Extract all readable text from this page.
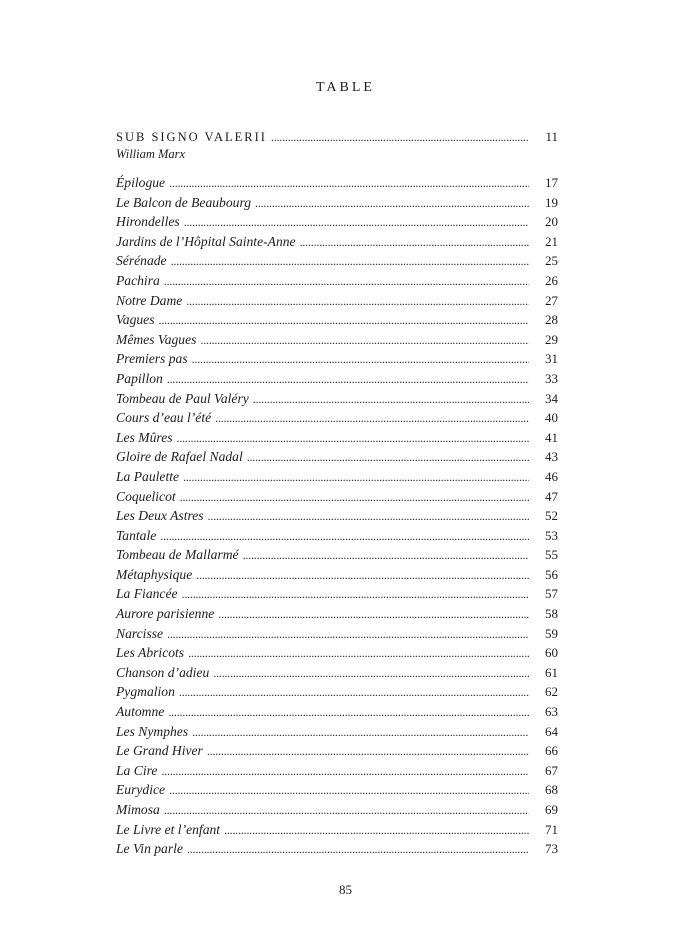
TABLE
SUB SIGNO VALERII . . .	11
William Marx
Épilogue . . .	17
Le Balcon de Beaubourg . . .	19
Hirondelles . . .	20
Jardins de l’Hôpital Sainte-Anne . . .	21
Sérénade . . .	25
Pachira . . .	26
Notre Dame . . .	27
Vagues . . .	28
Mêmes Vagues . . .	29
Premiers pas . . .	31
Papillon . . .	33
Tombeau de Paul Valéry . . .	34
Cours d’eau l’été . . .	40
Les Mûres . . .	41
Gloire de Rafael Nadal . . .	43
La Paulette . . .	46
Coquelicot . . .	47
Les Deux Astres . . .	52
Tantale . . .	53
Tombeau de Mallarmé . . .	55
Métaphysique . . .	56
La Fiancée . . .	57
Aurore parisienne . . .	58
Narcisse . . .	59
Les Abricots . . .	60
Chanson d’adieu . . .	61
Pygmalion . . .	62
Automne . . .	63
Les Nymphes . . .	64
Le Grand Hiver . . .	66
La Cire . . .	67
Eurydice . . .	68
Mimosa . . .	69
Le Livre et l’enfant . . .	71
Le Vin parle . . .	73
85
